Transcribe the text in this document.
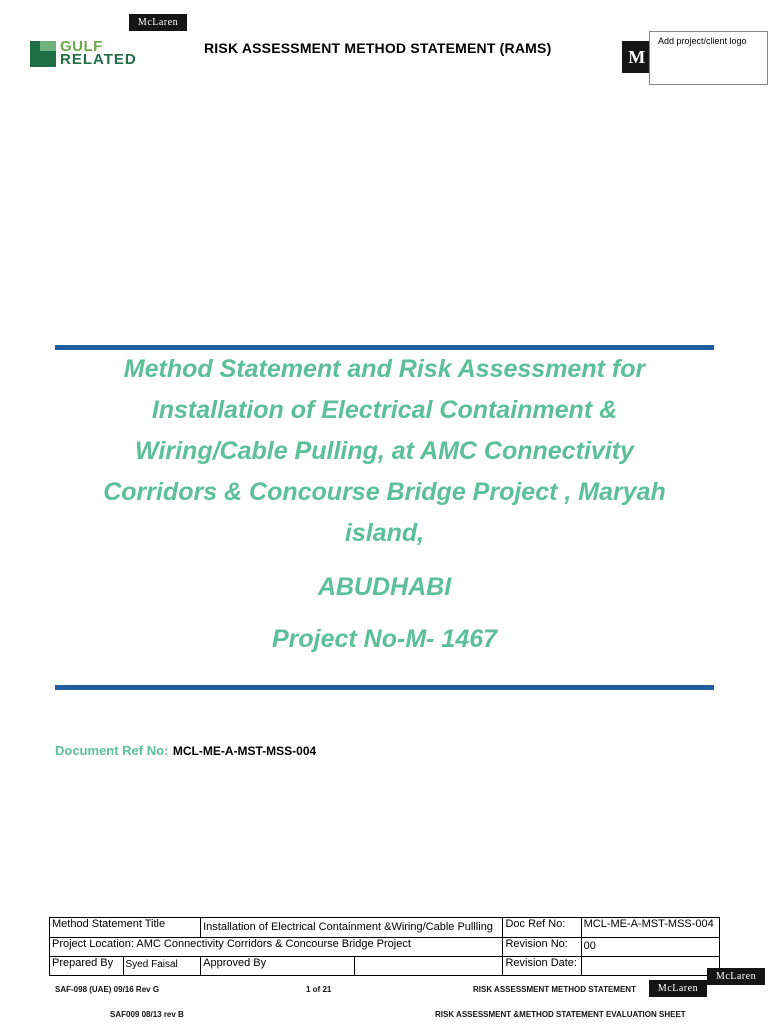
McLaren
GULF
RELATED
RISK ASSESSMENT METHOD STATEMENT (RAMS)	M
Add project/client logo
Method Statement and Risk Assessment for
Installation of Electrical Containment &
Wiring/Cable Pulling, at AMC Connectivity
Corridors & Concourse Bridge Project , Maryah
island,
ABUDHABI
Project No-M- 1467
Document Ref No: MCL-ME-A-MST-MSS-004
Method Statement Title		Installation of Electrical Containment &Wiring/Cable Pullling		Doc Ref No:	MCL-ME-A-MST-MSS-004
Project Location: AMC Connectivity Corridors & Concourse Bridge Project				Revision No:	00
Prepared By	Syed Faisal	Approved By		Revision Date:	
SAF-098 (UAE) 09/16 Rev G	1 of 21	RISK ASSESSMENT METHOD STATEMENT
McLaren
McLaren
SAF009 08/13 rev B	RISK ASSESSMENT &METHOD STATEMENT EVALUATION SHEET
